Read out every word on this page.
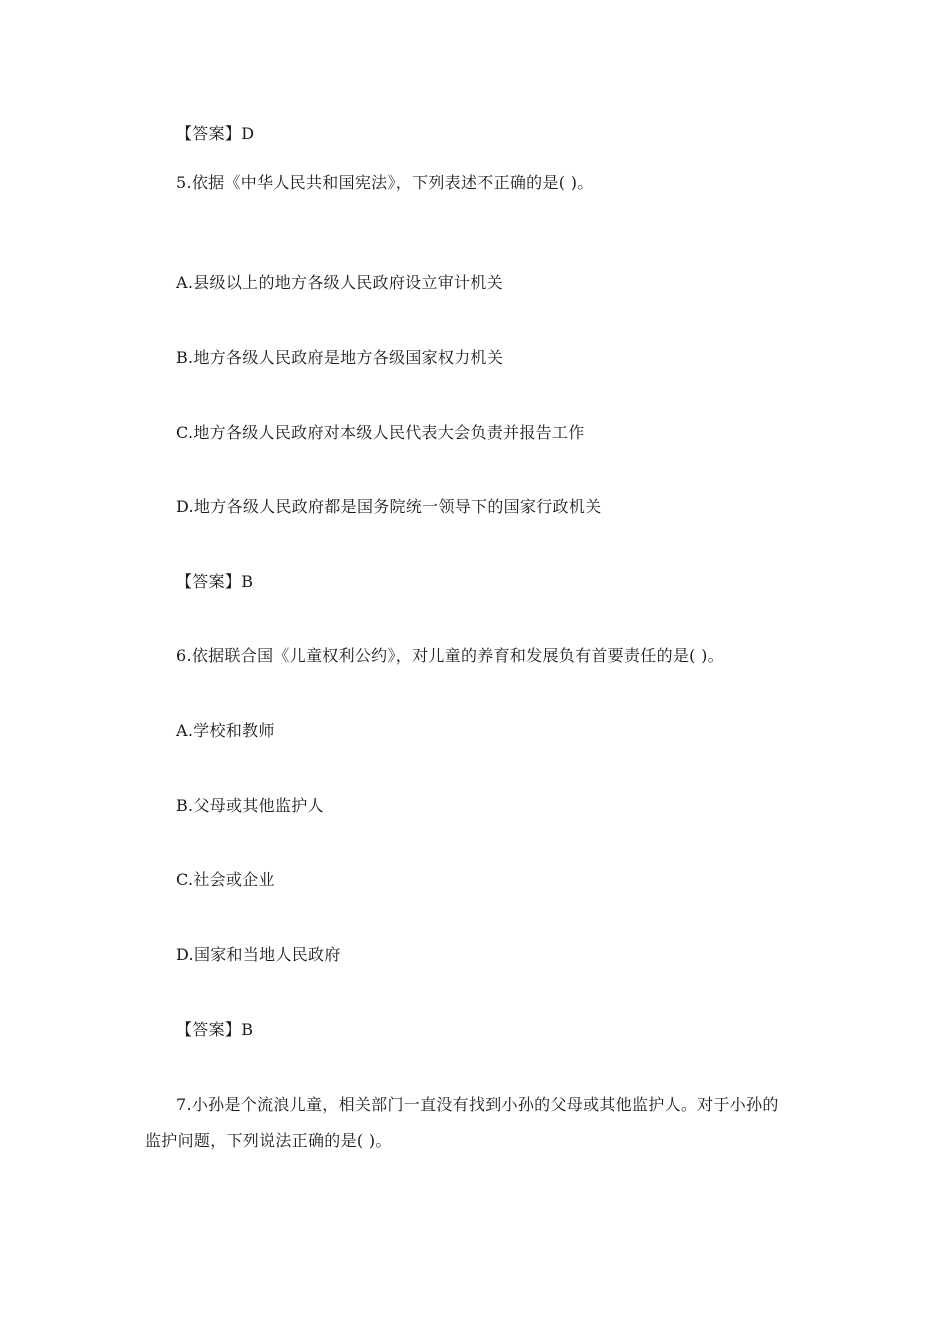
【答案】D
5.依据《中华人民共和国宪法》，下列表述不正确的是( )。
A.县级以上的地方各级人民政府设立审计机关
B.地方各级人民政府是地方各级国家权力机关
C.地方各级人民政府对本级人民代表大会负责并报告工作
D.地方各级人民政府都是国务院统一领导下的国家行政机关
【答案】B
6.依据联合国《儿童权利公约》，对儿童的养育和发展负有首要责任的是( )。
A.学校和教师
B.父母或其他监护人
C.社会或企业
D.国家和当地人民政府
【答案】B
7.小孙是个流浪儿童，相关部门一直没有找到小孙的父母或其他监护人。对于小孙的
监护问题，下列说法正确的是( )。
